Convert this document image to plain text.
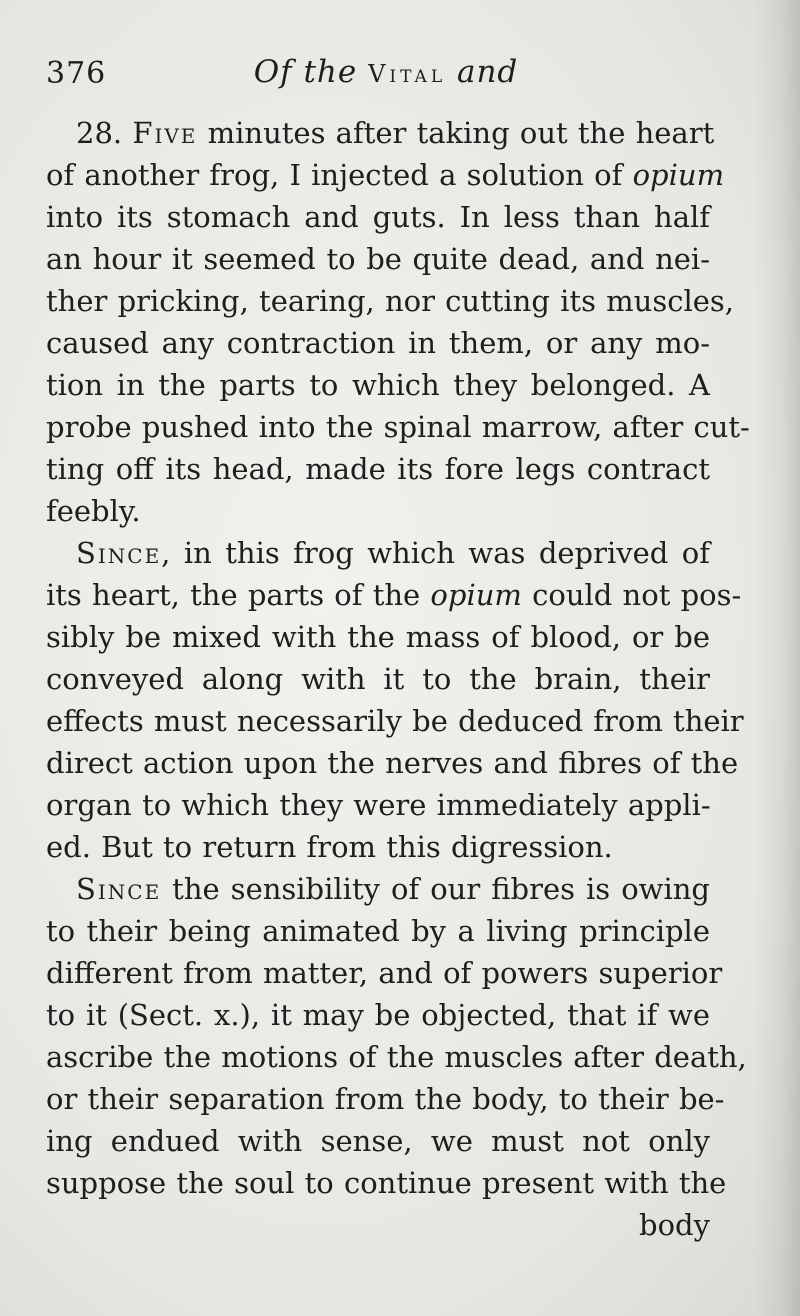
376	Of the Vital and
28. Five minutes after taking out the heart
of another frog, I injected a solution of opium
into its stomach and guts. In less than half
an hour it seemed to be quite dead, and nei-
ther pricking, tearing, nor cutting its muscles,
caused any contraction in them, or any mo-
tion in the parts to which they belonged. A
probe pushed into the spinal marrow, after cut-
ting off its head, made its fore legs contract
feebly.
Since, in this frog which was deprived of
its heart, the parts of the opium could not pos-
sibly be mixed with the mass of blood, or be
conveyed along with it to the brain, their
effects must necessarily be deduced from their
direct action upon the nerves and fibres of the
organ to which they were immediately appli-
ed. But to return from this digression.
Since the sensibility of our fibres is owing
to their being animated by a living principle
different from matter, and of powers superior
to it (Sect. x.), it may be objected, that if we
ascribe the motions of the muscles after death,
or their separation from the body, to their be-
ing endued with sense, we must not only
suppose the soul to continue present with the
body
